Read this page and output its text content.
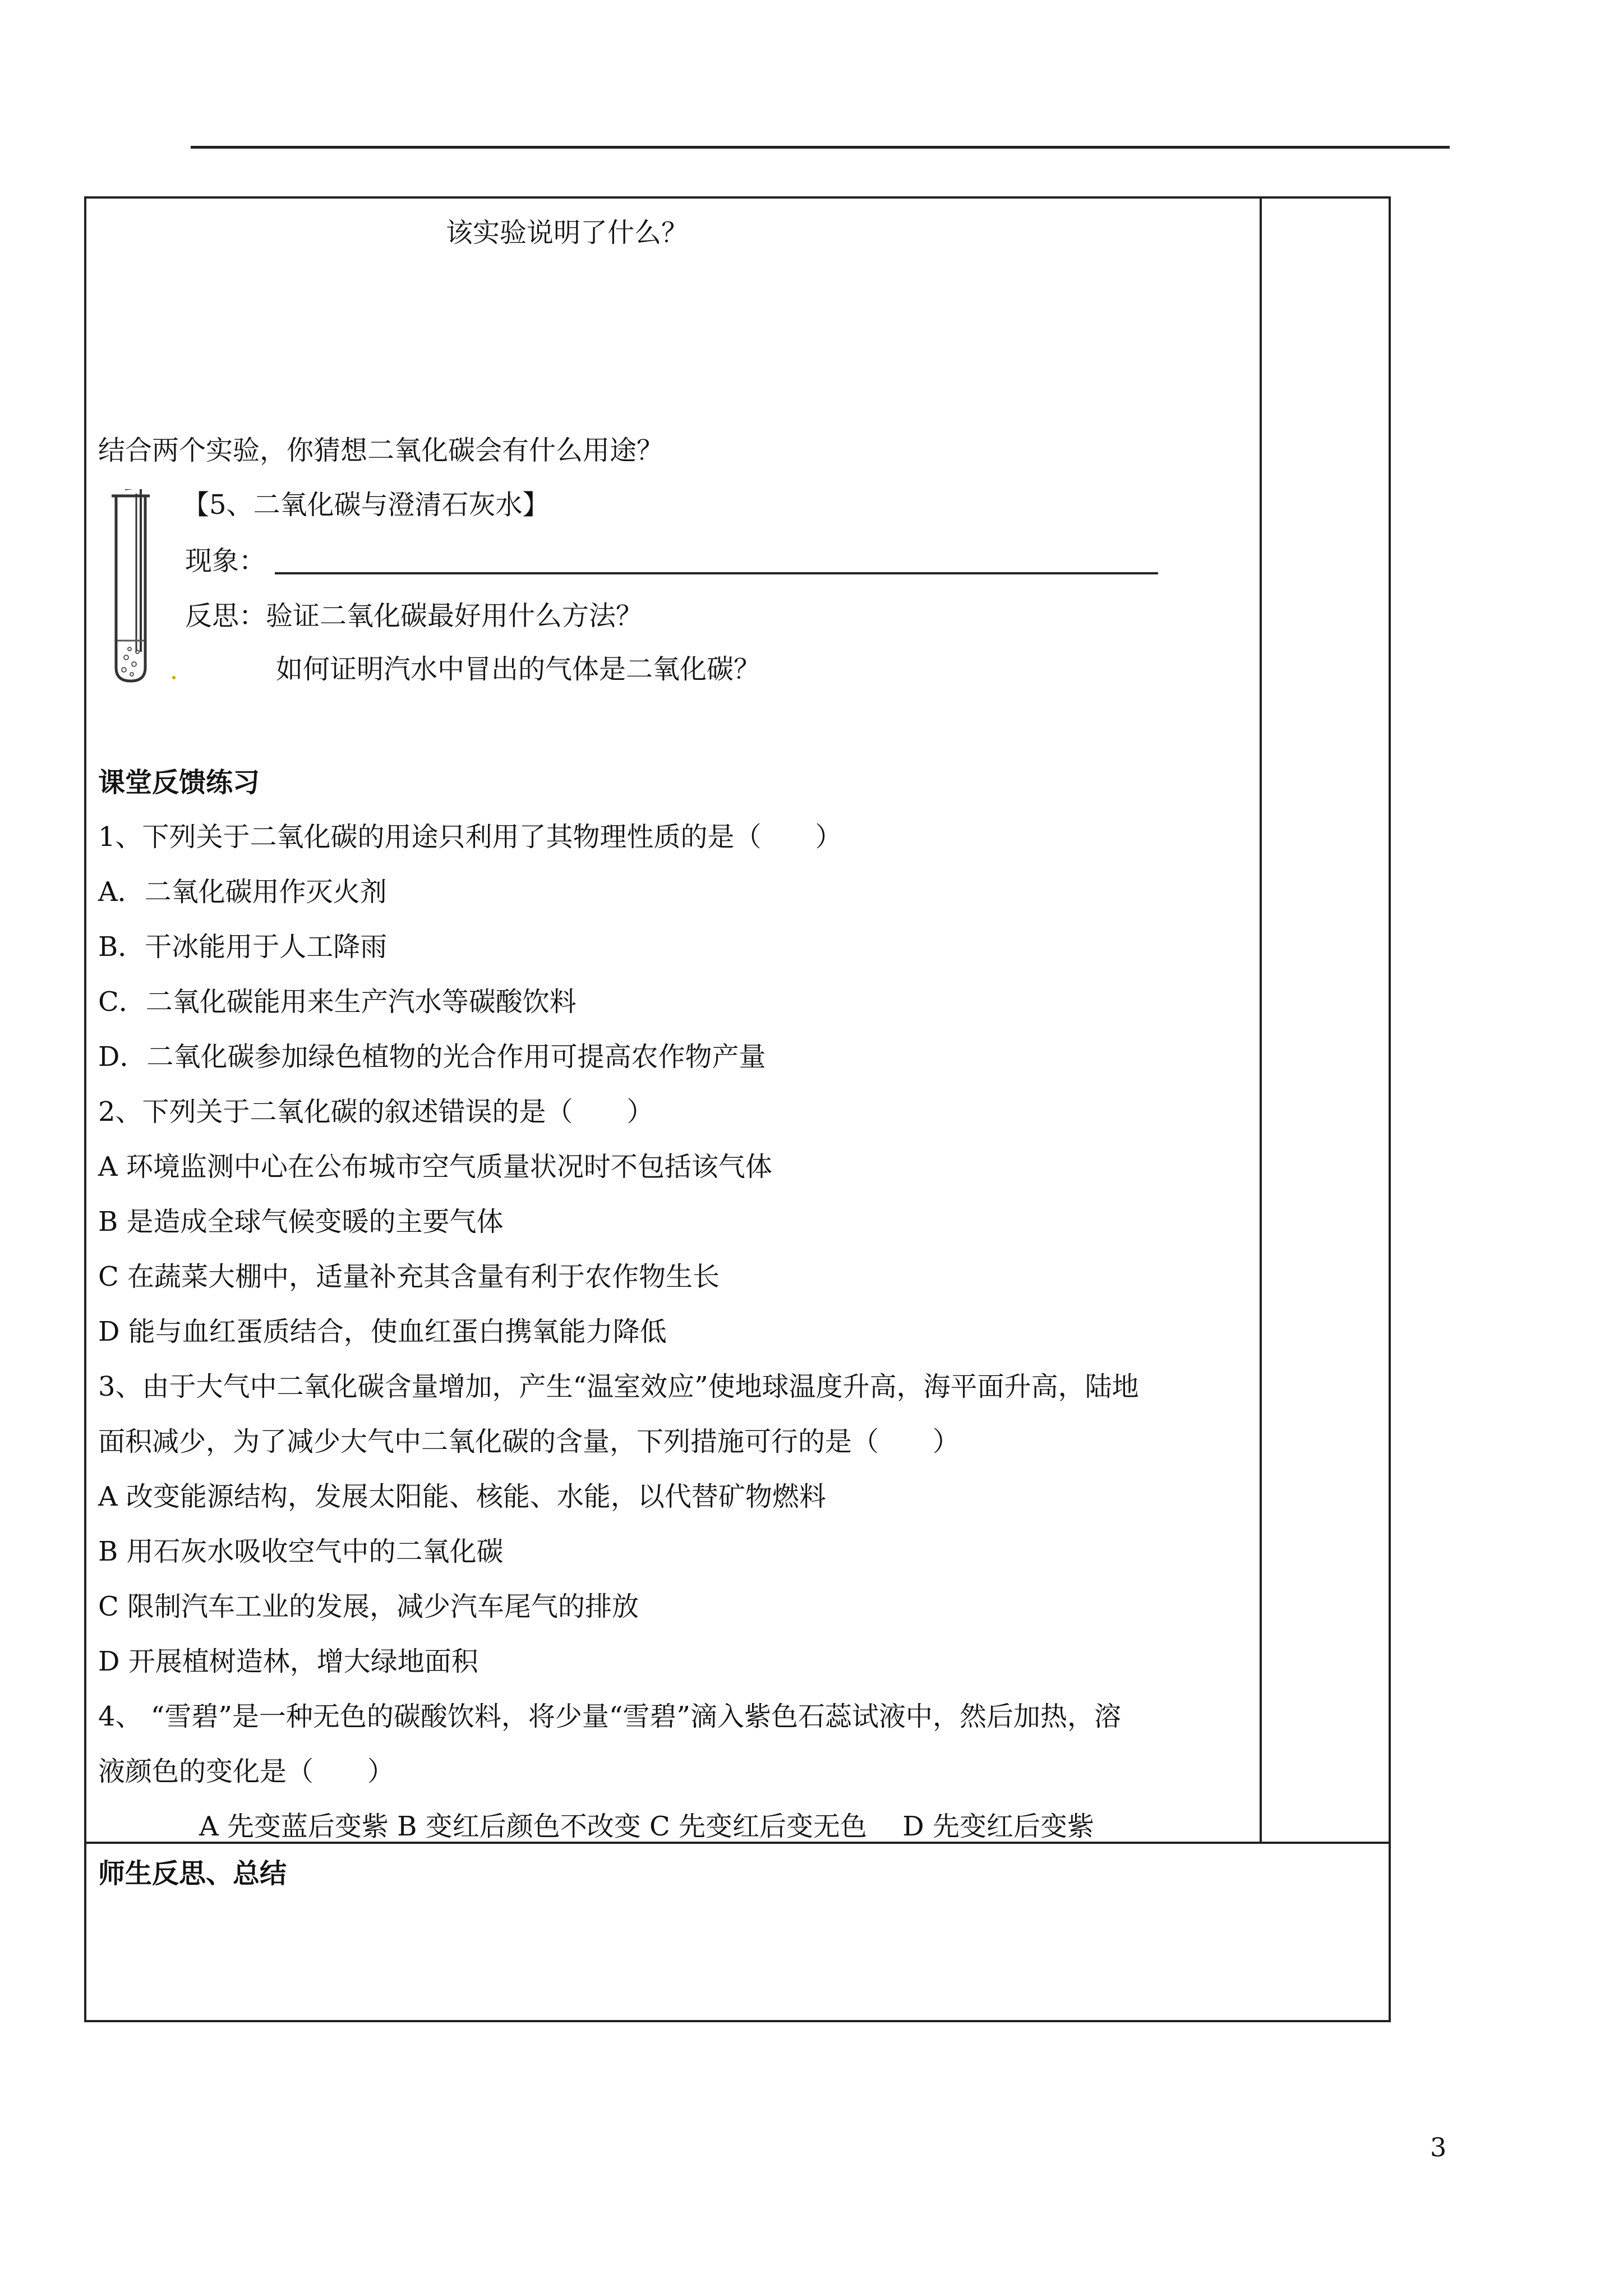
该实验说明了什么？
结合两个实验，你猜想二氧化碳会有什么用途？
【5、二氧化碳与澄清石灰水】
现象：
反思：验证二氧化碳最好用什么方法？
如何证明汽水中冒出的气体是二氧化碳？
课堂反馈练习
1、下列关于二氧化碳的用途只利用了其物理性质的是（　　）
A．二氧化碳用作灭火剂
B．干冰能用于人工降雨
C．二氧化碳能用来生产汽水等碳酸饮料
D．二氧化碳参加绿色植物的光合作用可提高农作物产量
2、下列关于二氧化碳的叙述错误的是（　　）
A 环境监测中心在公布城市空气质量状况时不包括该气体
B 是造成全球气候变暖的主要气体
C 在蔬菜大棚中，适量补充其含量有利于农作物生长
D 能与血红蛋质结合，使血红蛋白携氧能力降低
3、由于大气中二氧化碳含量增加，产生“温室效应”使地球温度升高，海平面升高，陆地
面积减少，为了减少大气中二氧化碳的含量，下列措施可行的是（　　）
A 改变能源结构，发展太阳能、核能、水能，以代替矿物燃料
B 用石灰水吸收空气中的二氧化碳
C 限制汽车工业的发展，减少汽车尾气的排放
D 开展植树造林，增大绿地面积
4、 “雪碧”是一种无色的碳酸饮料，将少量“雪碧”滴入紫色石蕊试液中，然后加热，溶
液颜色的变化是（　　）
A 先变蓝后变紫 B 变红后颜色不改变 C 先变红后变无色　 D 先变红后变紫
师生反思、总结
3
